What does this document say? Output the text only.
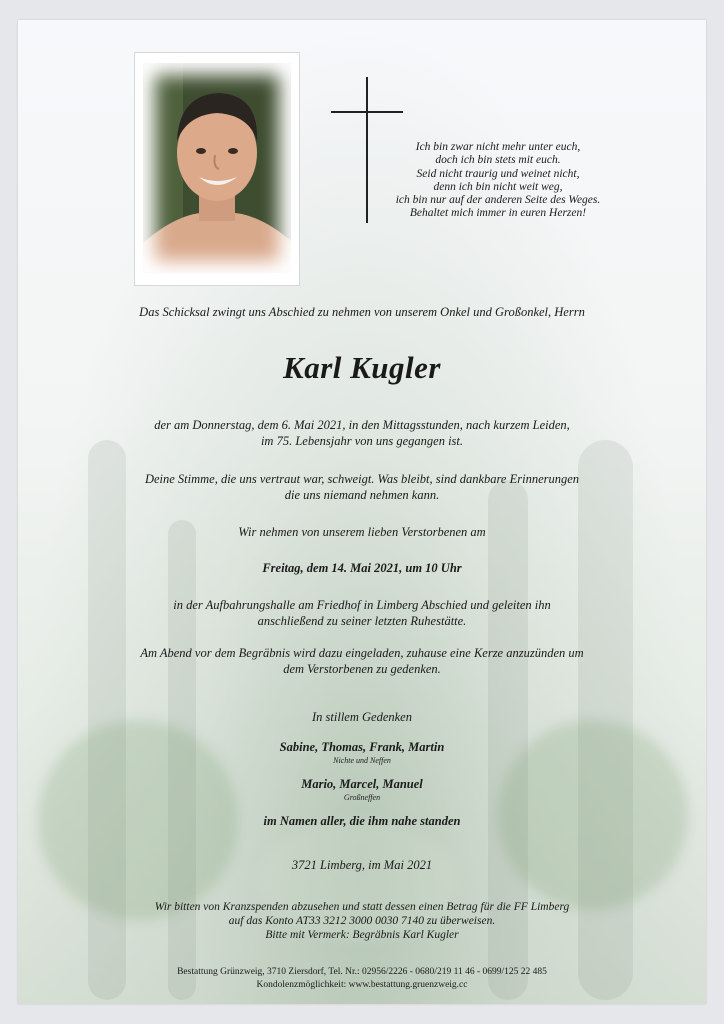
Ich bin zwar nicht mehr unter euch,
doch ich bin stets mit euch.
Seid nicht traurig und weinet nicht,
denn ich bin nicht weit weg,
ich bin nur auf der anderen Seite des Weges.
Behaltet mich immer in euren Herzen!
Das Schicksal zwingt uns Abschied zu nehmen von unserem Onkel und Großonkel, Herrn
Karl Kugler
der am Donnerstag, dem 6. Mai 2021, in den Mittagsstunden, nach kurzem Leiden,
im 75. Lebensjahr von uns gegangen ist.
Deine Stimme, die uns vertraut war, schweigt. Was bleibt, sind dankbare Erinnerungen
die uns niemand nehmen kann.
Wir nehmen von unserem lieben Verstorbenen am
Freitag, dem 14. Mai 2021, um 10 Uhr
in der Aufbahrungshalle am Friedhof in Limberg Abschied und geleiten ihn
anschließend zu seiner letzten Ruhestätte.
Am Abend vor dem Begräbnis wird dazu eingeladen, zuhause eine Kerze anzuzünden um
dem Verstorbenen zu gedenken.
In stillem Gedenken
Sabine, Thomas, Frank, Martin
Nichte und Neffen
Mario, Marcel, Manuel
Großneffen
im Namen aller, die ihm nahe standen
3721 Limberg, im Mai 2021
Wir bitten von Kranzspenden abzusehen und statt dessen einen Betrag für die FF Limberg
auf das Konto AT33 3212 3000 0030 7140 zu überweisen.
Bitte mit Vermerk: Begräbnis Karl Kugler
Bestattung Grünzweig, 3710 Ziersdorf, Tel. Nr.: 02956/2226 - 0680/219 11 46 - 0699/125 22 485
Kondolenzmöglichkeit: www.bestattung.gruenzweig.cc
